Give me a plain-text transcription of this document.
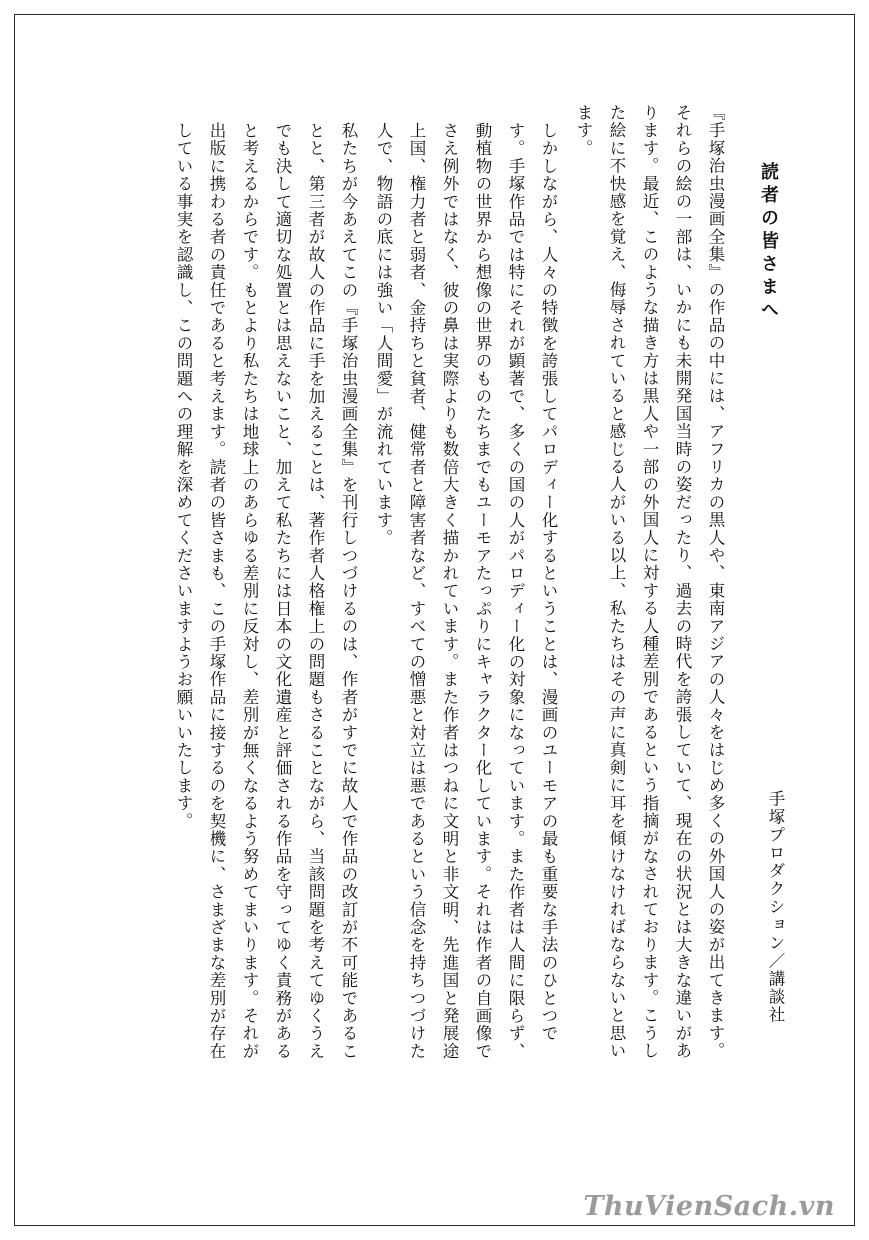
読者の皆さまへ

『手塚治虫漫画全集』の作品の中には、アフリカの黒人や、東南アジアの人々をはじめ多くの外国人の姿が出てきます。それらの絵の一部は、いかにも未開発国当時の姿だったり、過去の時代を誇張していて、現在の状況とは大きな違いがあります。最近、このような描き方は黒人や一部の外国人に対する人種差別であるという指摘がなされております。こうした絵に不快感を覚え、侮辱されていると感じる人がいる以上、私たちはその声に真剣に耳を傾けなければならないと思います。

しかしながら、人々の特徴を誇張してパロディー化するということは、漫画のユーモアの最も重要な手法のひとつです。手塚作品では特にそれが顕著で、多くの国の人がパロディー化の対象になっています。また作者は人間に限らず、動植物の世界から想像の世界のものたちまでもユーモアたっぷりにキャラクター化しています。それは作者の自画像でさえ例外ではなく、彼の鼻は実際よりも数倍大きく描かれています。また作者はつねに文明と非文明、先進国と発展途上国、権力者と弱者、金持ちと貧者、健常者と障害者など、すべての憎悪と対立は悪であるという信念を持ちつづけた人で、物語の底には強い「人間愛」が流れています。

私たちが今あえてこの『手塚治虫漫画全集』を刊行しつづけるのは、作者がすでに故人で作品の改訂が不可能であることと、第三者が故人の作品に手を加えることは、著作者人格権上の問題もさることながら、当該問題を考えてゆくうえでも決して適切な処置とは思えないこと、加えて私たちには日本の文化遺産と評価される作品を守ってゆく責務があると考えるからです。もとより私たちは地球上のあらゆる差別に反対し、差別が無くなるよう努めてまいります。それが出版に携わる者の責任であると考えます。読者の皆さまも、この手塚作品に接するのを契機に、さまざまな差別が存在している事実を認識し、この問題への理解を深めてくださいますようお願いいたします。

手塚プロダクション／講談社
ThuVienSach.vn
